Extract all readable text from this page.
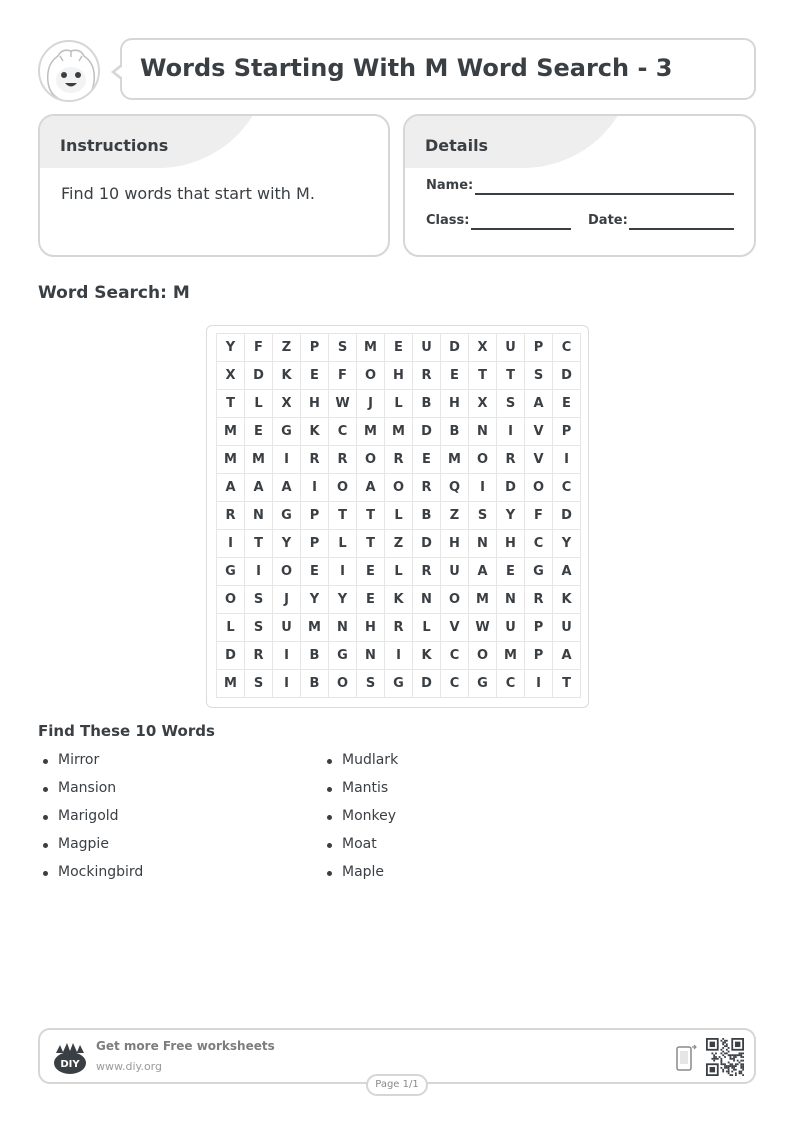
Words Starting With M Word Search - 3
Instructions
Find 10 words that start with M.
Details
Name:
Class:	Date:
Word Search: M
Y	F	Z	P	S	M	E	U	D	X	U	P	C
X	D	K	E	F	O	H	R	E	T	T	S	D
T	L	X	H	W	J	L	B	H	X	S	A	E
M	E	G	K	C	M	M	D	B	N	I	V	P
M	M	I	R	R	O	R	E	M	O	R	V	I
A	A	A	I	O	A	O	R	Q	I	D	O	C
R	N	G	P	T	T	L	B	Z	S	Y	F	D
I	T	Y	P	L	T	Z	D	H	N	H	C	Y
G	I	O	E	I	E	L	R	U	A	E	G	A
O	S	J	Y	Y	E	K	N	O	M	N	R	K
L	S	U	M	N	H	R	L	V	W	U	P	U
D	R	I	B	G	N	I	K	C	O	M	P	A
M	S	I	B	O	S	G	D	C	G	C	I	T
Find These 10 Words
Mirror
Mansion
Marigold
Magpie
Mockingbird
Mudlark
Mantis
Monkey
Moat
Maple
DIY
Get more Free worksheets
www.diy.org
Page 1/1
